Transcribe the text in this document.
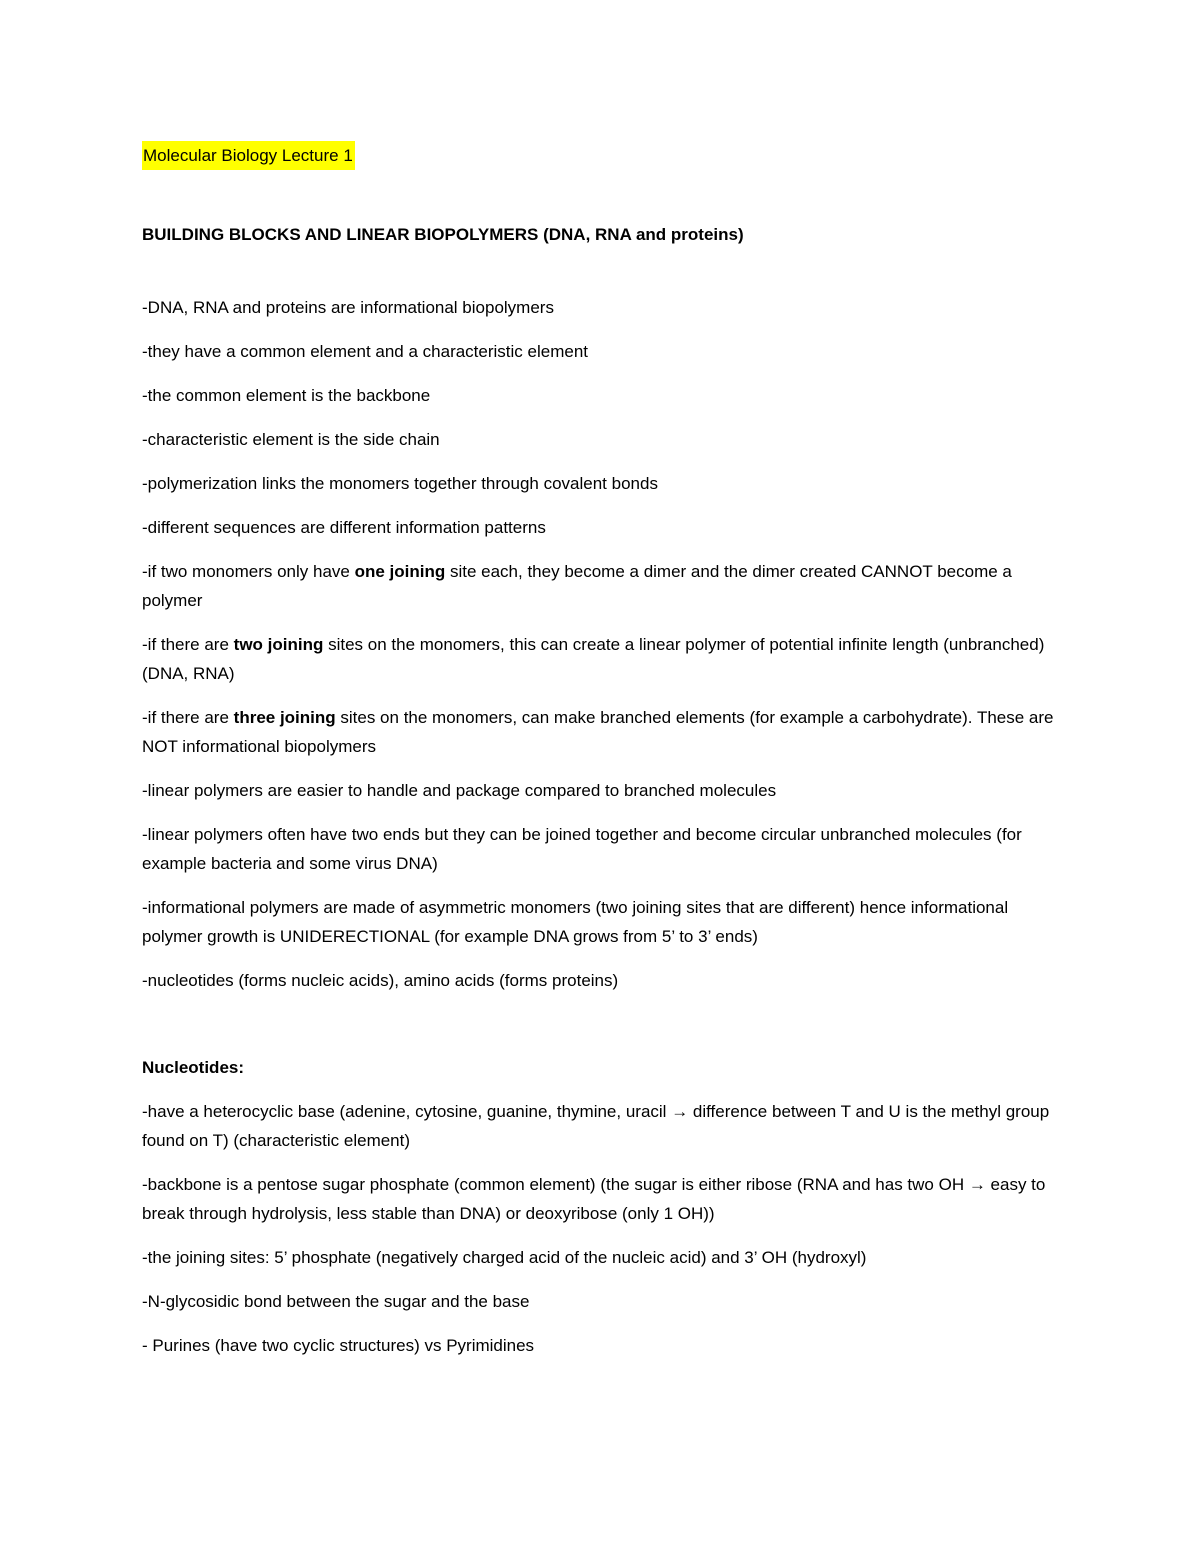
Molecular Biology Lecture 1
BUILDING BLOCKS AND LINEAR BIOPOLYMERS (DNA, RNA and proteins)

-DNA, RNA and proteins are informational biopolymers

-they have a common element and a characteristic element

-the common element is the backbone

-characteristic element is the side chain

-polymerization links the monomers together through covalent bonds

-different sequences are different information patterns

-if two monomers only have one joining site each, they become a dimer and the dimer created CANNOT become a polymer

-if there are two joining sites on the monomers, this can create a linear polymer of potential infinite length (unbranched) (DNA, RNA)

-if there are three joining sites on the monomers, can make branched elements (for example a carbohydrate). These are NOT informational biopolymers

-linear polymers are easier to handle and package compared to branched molecules

-linear polymers often have two ends but they can be joined together and become circular unbranched molecules (for example bacteria and some virus DNA)

-informational polymers are made of asymmetric monomers (two joining sites that are different) hence informational polymer growth is UNIDERECTIONAL (for example DNA grows from 5’ to 3’ ends)

-nucleotides (forms nucleic acids), amino acids (forms proteins)

Nucleotides:

-have a heterocyclic base (adenine, cytosine, guanine, thymine, uracil → difference between T and U is the methyl group found on T) (characteristic element)

-backbone is a pentose sugar phosphate (common element) (the sugar is either ribose (RNA and has two OH → easy to break through hydrolysis, less stable than DNA) or deoxyribose (only 1 OH))

-the joining sites: 5’ phosphate (negatively charged acid of the nucleic acid) and 3’ OH (hydroxyl)

-N-glycosidic bond between the sugar and the base

- Purines (have two cyclic structures) vs Pyrimidines
